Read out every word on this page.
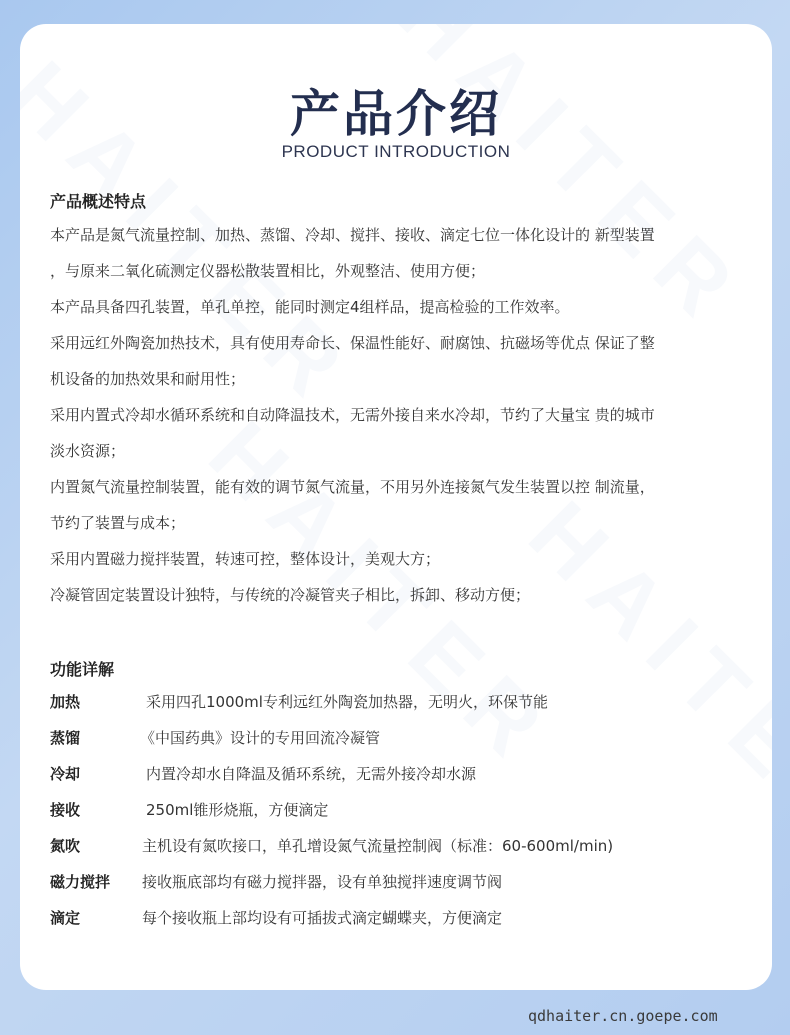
产品介绍
PRODUCT INTRODUCTION
产品概述特点
本产品是氮气流量控制、加热、蒸馏、冷却、搅拌、接收、滴定七位一体化设计的 新型装置
，与原来二氧化硫测定仪器松散装置相比，外观整洁、使用方便；
本产品具备四孔装置，单孔单控，能同时测定4组样品，提高检验的工作效率。
采用远红外陶瓷加热技术，具有使用寿命长、保温性能好、耐腐蚀、抗磁场等优点 保证了整
机设备的加热效果和耐用性；
采用内置式冷却水循环系统和自动降温技术，无需外接自来水冷却，节约了大量宝 贵的城市
淡水资源；
内置氮气流量控制装置，能有效的调节氮气流量，不用另外连接氮气发生装置以控 制流量，
节约了装置与成本；
采用内置磁力搅拌装置，转速可控，整体设计，美观大方；
冷凝管固定装置设计独特，与传统的冷凝管夹子相比，拆卸、移动方便；
功能详解
加热	采用四孔1000ml专利远红外陶瓷加热器，无明火，环保节能
蒸馏	《中国药典》设计的专用回流冷凝管
冷却	内置冷却水自降温及循环系统，无需外接冷却水源
接收	250ml锥形烧瓶，方便滴定
氮吹	主机设有氮吹接口，单孔增设氮气流量控制阀（标准：60-600ml/min)
磁力搅拌 接收瓶底部均有磁力搅拌器，设有单独搅拌速度调节阀
滴定	每个接收瓶上部均设有可插拔式滴定蝴蝶夹，方便滴定
qdhaiter.cn.goepe.com
